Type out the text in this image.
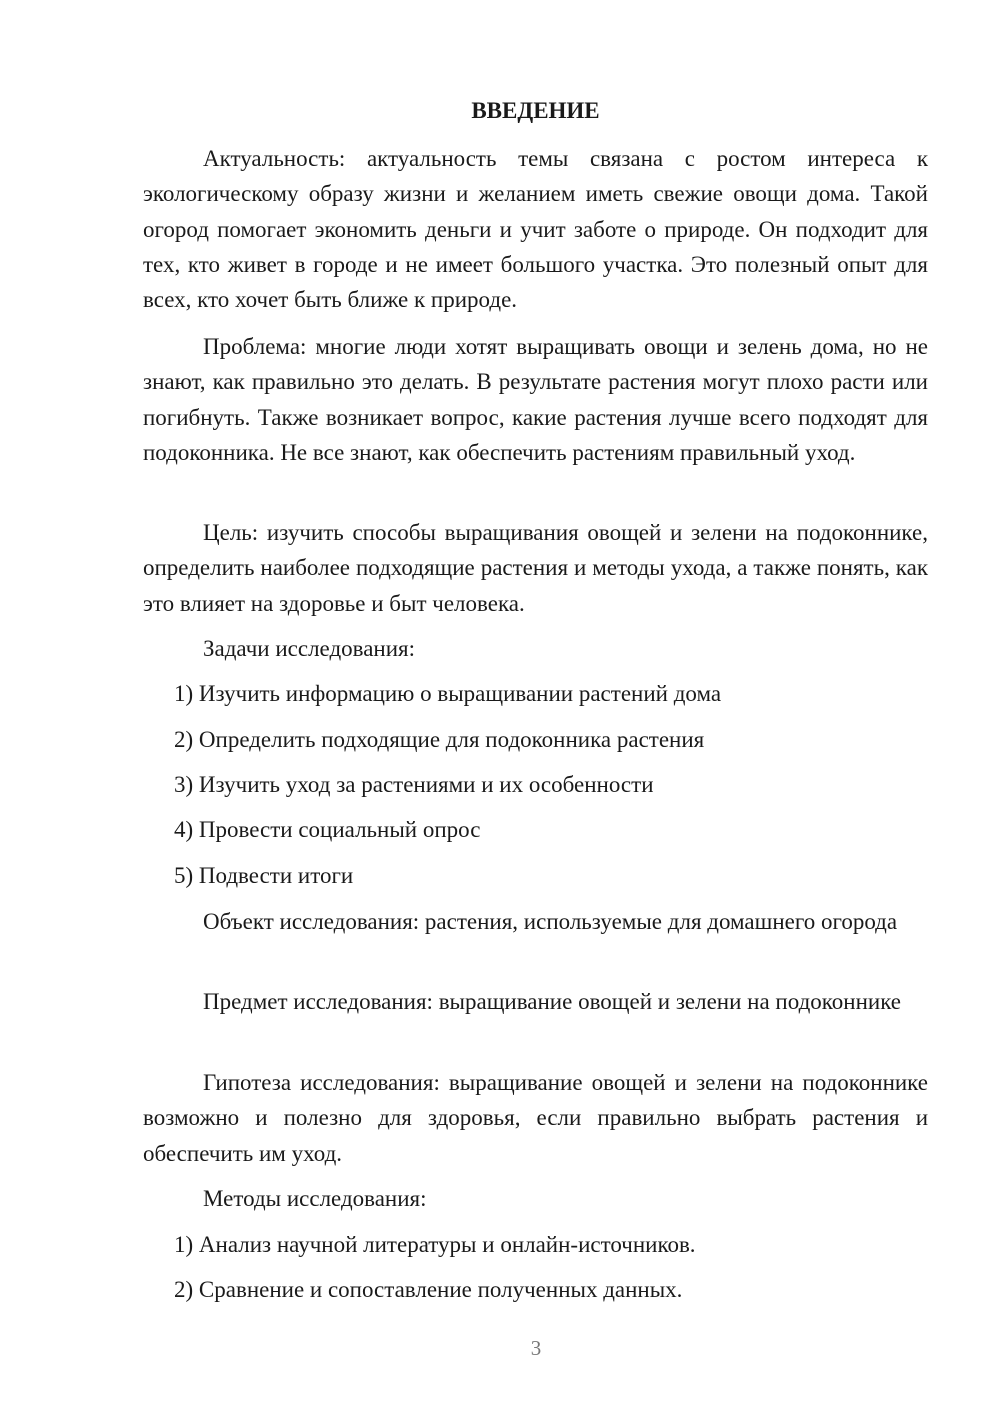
ВВЕДЕНИЕ

Актуальность: актуальность темы связана с ростом интереса к экологическому образу жизни и желанием иметь свежие овощи дома. Такой огород помогает экономить деньги и учит заботе о природе. Он подходит для тех, кто живет в городе и не имеет большого участка. Это полезный опыт для всех, кто хочет быть ближе к природе.

Проблема: многие люди хотят выращивать овощи и зелень дома, но не знают, как правильно это делать. В результате растения могут плохо расти или погибнуть. Также возникает вопрос, какие растения лучше всего подходят для подоконника. Не все знают, как обеспечить растениям правильный уход.

Цель: изучить способы выращивания овощей и зелени на подоконнике, определить наиболее подходящие растения и методы ухода, а также понять, как это влияет на здоровье и быт человека.

Задачи исследования:

1) Изучить информацию о выращивании растений дома

2) Определить подходящие для подоконника растения

3) Изучить уход за растениями и их особенности

4) Провести социальный опрос

5) Подвести итоги

Объект исследования: растения, используемые для домашнего огорода

Предмет исследования: выращивание овощей и зелени на подоконнике

Гипотеза исследования: выращивание овощей и зелени на подоконнике возможно и полезно для здоровья, если правильно выбрать растения и обеспечить им уход.

Методы исследования:

1) Анализ научной литературы и онлайн-источников.

2) Сравнение и сопоставление полученных данных.

3
